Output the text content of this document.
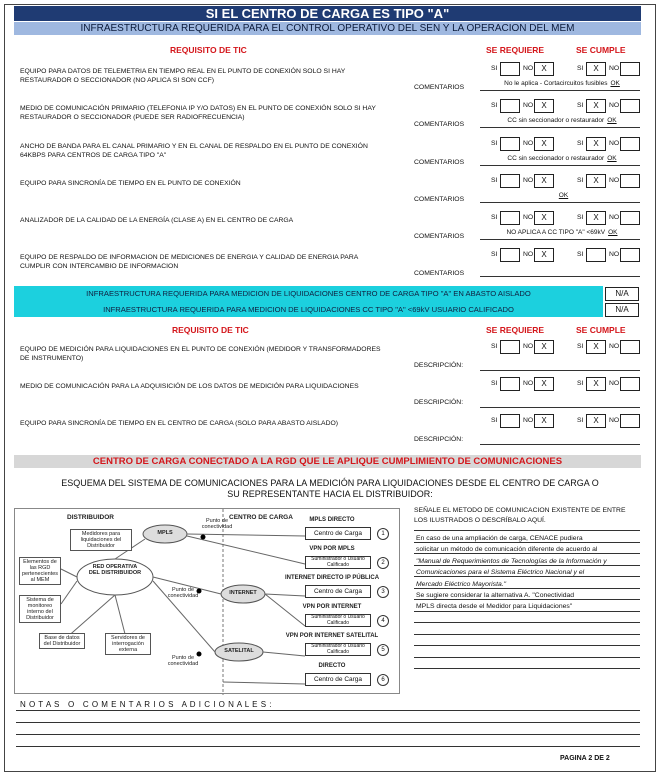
SI EL CENTRO DE CARGA ES TIPO "A"
INFRAESTRUCTURA REQUERIDA PARA EL CONTROL OPERATIVO DEL SEN Y LA OPERACION DEL MEM
REQUISITO DE TIC	SE REQUIERE	SE CUMPLE
EQUIPO PARA DATOS DE TELEMETRIA EN TIEMPO REAL EN EL PUNTO DE CONEXIÓN SOLO SI HAY RESTAURADOR O SECCIONADOR (NO APLICA SI SON CCF)
SI	NO	X	SI	X	NO
COMENTARIOS
No le aplica - Cortacircuitos fusibles OK
MEDIO DE COMUNICACIÓN PRIMARIO (TELEFONIA IP Y/O DATOS) EN EL PUNTO DE CONEXIÓN SOLO SI HAY RESTAURADOR O SECCIONADOR (PUEDE SER RADIOFRECUENCIA)
SI	NO	X	SI	X	NO
COMENTARIOS
CC sin seccionador o restaurador OK
ANCHO DE BANDA PARA EL CANAL PRIMARIO Y EN EL CANAL DE RESPALDO EN EL PUNTO DE CONEXIÓN 64KBPS PARA CENTROS DE CARGA TIPO "A"
SI	NO	X	SI	X	NO
COMENTARIOS
CC sin seccionador o restaurador OK
EQUIPO PARA SINCRONÍA DE TIEMPO EN EL PUNTO DE CONEXIÓN	SI	NO	X	SI	X	NO
COMENTARIOS
OK
ANALIZADOR DE LA CALIDAD DE LA ENERGÍA (CLASE A) EN EL CENTRO DE CARGA	SI	NO	X	SI	X	NO
COMENTARIOS
NO APLICA A CC TIPO "A" <69kV OK
EQUIPO DE RESPALDO DE INFORMACION DE MEDICIONES DE ENERGIA Y CALIDAD DE ENERGIA PARA CUMPLIR CON INTERCAMBIO DE INFORMACION
SI	NO	X	SI	NO
COMENTARIOS
INFRAESTRUCTURA REQUERIDA PARA MEDICION DE LIQUIDACIONES CENTRO DE CARGA TIPO "A" EN ABASTO AISLADO
INFRAESTRUCTURA REQUERIDA PARA MEDICION DE LIQUIDACIONES CC TIPO "A" <69kV USUARIO CALIFICADO
N/A
N/A
REQUISITO DE TIC	SE REQUIERE	SE CUMPLE
EQUIPO DE MEDICIÓN PARA LIQUIDACIONES EN EL PUNTO DE CONEXIÓN (MEDIDOR Y TRANSFORMADORES DE INSTRUMENTO)
SI	NO	X	SI	X	NO
DESCRIPCIÓN:
MEDIO DE COMUNICACIÓN PARA LA ADQUISICIÓN DE LOS DATOS DE MEDICIÓN PARA LIQUIDACIONES	SI	NO	X	SI	X	NO
DESCRIPCIÓN:
EQUIPO PARA SINCRONÍA DE TIEMPO EN EL CENTRO DE CARGA (SOLO PARA ABASTO AISLADO)	SI	NO	X	SI	X	NO
DESCRIPCIÓN:
CENTRO DE CARGA CONECTADO A LA RGD QUE LE APLIQUE CUMPLIMIENTO DE COMUNICACIONES
ESQUEMA DEL SISTEMA DE COMUNICACIONES PARA LA MEDICIÓN PARA LIQUIDACIONES DESDE EL CENTRO DE CARGA O SU REPRESENTANTE HACIA EL DISTRIBUIDOR:
DISTRIBUIDOR	CENTRO DE CARGA
Medidores para liquidaciones del Distribuidor
Elementos de las RGD pertenecientes al MEM
Sistema de monitoreo interno del Distribuidor
Base de datos del Distribuidor
Servidores de interrogación externa
RED OPERATIVA DEL DISTRIBUIDOR
MPLS
INTERNET
SATELITAL
Punto de conectividad
Punto de conectividad
Punto de conectividad
MPLS DIRECTO
Centro de Carga	1
VPN POR MPLS
Suministrador o Usuario Calificado	2
INTERNET DIRECTO IP PÚBLICA
Centro de Carga	3
VPN POR INTERNET
Suministrador o Usuario Calificado	4
VPN POR INTERNET SATELITAL
Suministrador o Usuario Calificado	5
DIRECTO
Centro de Carga	6
SEÑALE EL METODO DE COMUNICACION EXISTENTE DE ENTRE LOS ILUSTRADOS O DESCRÍBALO AQUÍ.
En caso de una ampliación de carga, CENACE pudiera
solicitar un método de comunicación diferente de acuerdo al
"Manual de Requerimientos de Tecnologías de la Información y
Comunicaciones para el Sistema Eléctrico Nacional y el
Mercado Eléctrico Mayorista."
Se sugiere considerar la alternativa A. "Conectividad
MPLS directa desde el Medidor para Liquidaciones"
N O T A S   O   C O M E N T A R I O S   A D I C I O N A L E S :
PAGINA 2 DE 2
